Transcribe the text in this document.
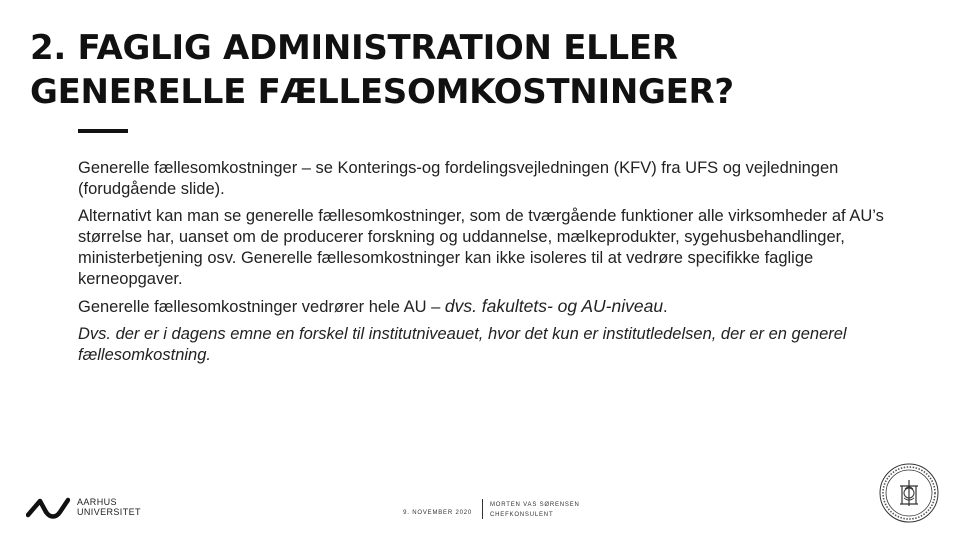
2. FAGLIG ADMINISTRATION ELLER
GENERELLE FÆLLESOMKOSTNINGER?

Generelle fællesomkostninger – se Konterings-og fordelingsvejledningen (KFV) fra UFS og vejledningen (forudgående slide).

Alternativt kan man se generelle fællesomkostninger, som de tværgående funktioner alle virksomheder af AU’s størrelse har, uanset om de producerer forskning og uddannelse, mælkeprodukter, sygehusbehandlinger, ministerbetjening osv. Generelle fællesomkostninger kan ikke isoleres til at vedrøre specifikke faglige kerneopgaver.

Generelle fællesomkostninger vedrører hele AU – dvs. fakultets- og AU-niveau.

Dvs. der er i dagens emne en forskel til institutniveauet, hvor det kun er institutledelsen, der er en generel fællesomkostning.

AARHUS
UNIVERSITET	9. NOVEMBER 2020
MORTEN VAS SØRENSEN
CHEFKONSULENT
